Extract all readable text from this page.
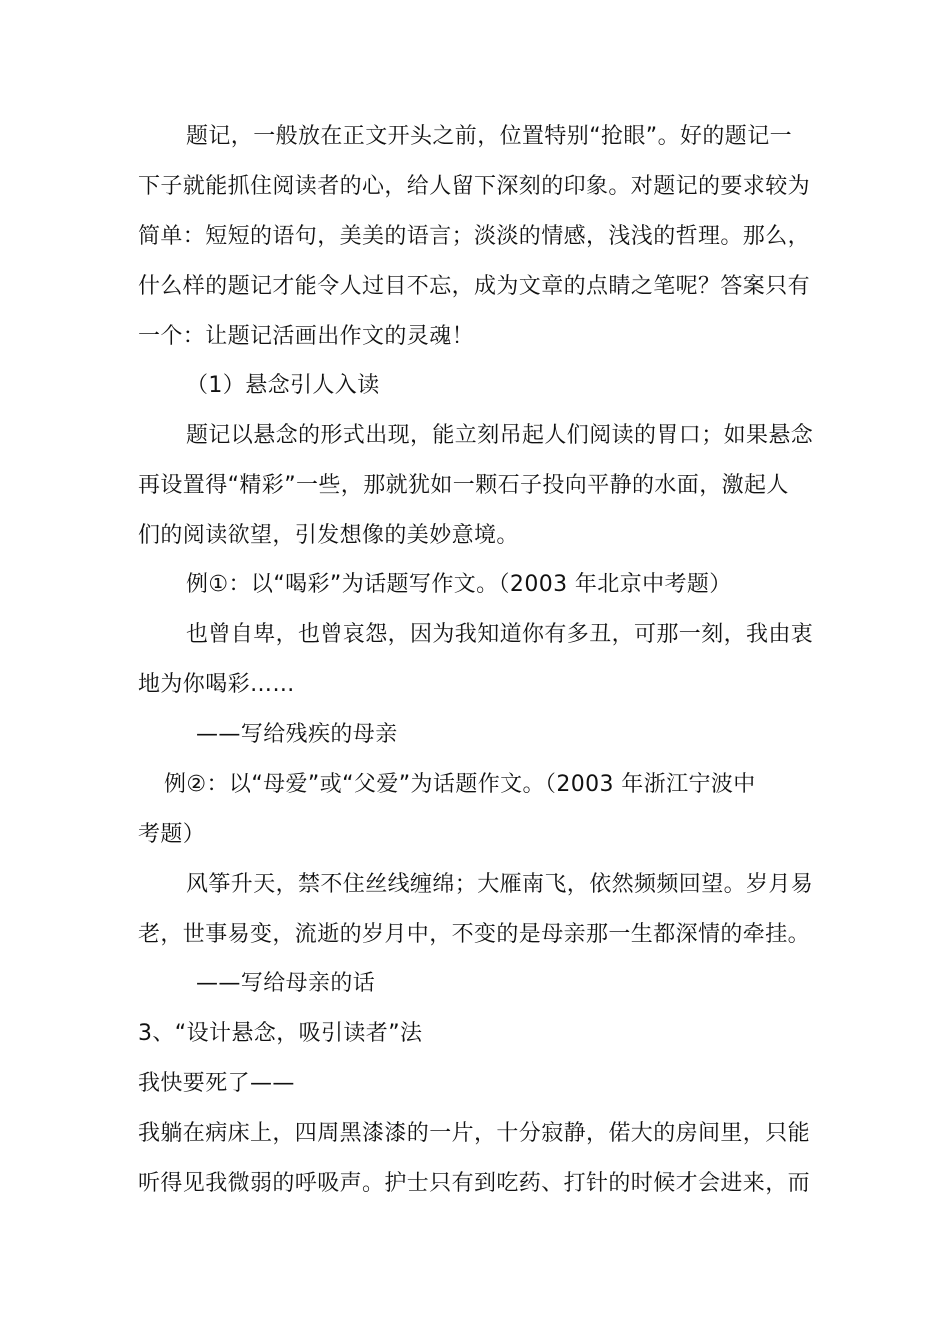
题记，一般放在正文开头之前，位置特别“抢眼”。好的题记一
下子就能抓住阅读者的心，给人留下深刻的印象。对题记的要求较为
简单：短短的语句，美美的语言；淡淡的情感，浅浅的哲理。那么，
什么样的题记才能令人过目不忘，成为文章的点睛之笔呢？答案只有
一个：让题记活画出作文的灵魂！
（1）悬念引人入读
题记以悬念的形式出现，能立刻吊起人们阅读的胃口；如果悬念
再设置得“精彩”一些，那就犹如一颗石子投向平静的水面，激起人
们的阅读欲望，引发想像的美妙意境。
例①：以“喝彩”为话题写作文。（2003 年北京中考题）
也曾自卑，也曾哀怨，因为我知道你有多丑，可那一刻，我由衷
地为你喝彩……
——写给残疾的母亲
例②：以“母爱”或“父爱”为话题作文。（2003 年浙江宁波中
考题）
风筝升天，禁不住丝线缠绵；大雁南飞，依然频频回望。岁月易
老，世事易变，流逝的岁月中，不变的是母亲那一生都深情的牵挂。
——写给母亲的话
3、“设计悬念，吸引读者”法
我快要死了——
我躺在病床上，四周黑漆漆的一片，十分寂静，偌大的房间里，只能
听得见我微弱的呼吸声。护士只有到吃药、打针的时候才会进来，而
